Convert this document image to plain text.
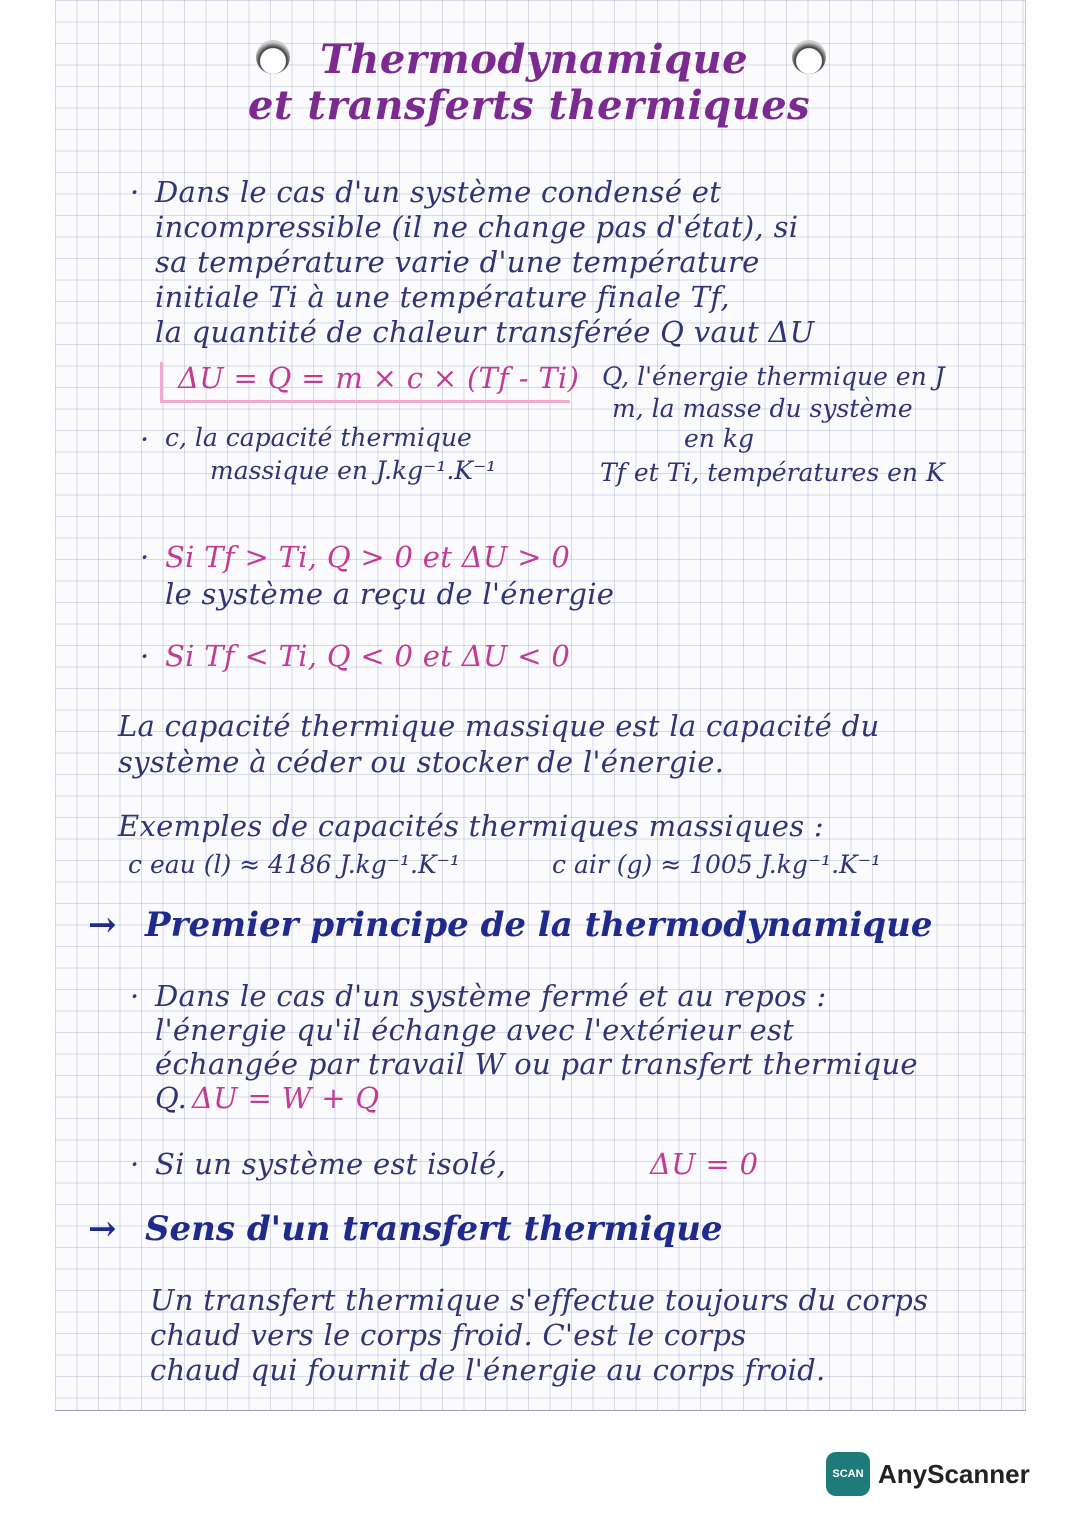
Thermodynamique
et transferts thermiques
· Dans le cas d'un système condensé et
incompressible (il ne change pas d'état), si
sa température varie d'une température
initiale Ti à une température finale Tf,
la quantité de chaleur transférée Q vaut ΔU
ΔU = Q = m × c × (Tf - Ti) Q, l'énergie thermique en J
m, la masse du système
en kg
· c, la capacité thermique
massique en J.kg⁻¹.K⁻¹	Tf et Ti, températures en K
· Si Tf > Ti, Q > 0 et ΔU > 0
le système a reçu de l'énergie
· Si Tf < Ti, Q < 0 et ΔU < 0
La capacité thermique massique est la capacité du
système à céder ou stocker de l'énergie.
Exemples de capacités thermiques massiques :
c eau (l) ≈ 4186 J.kg⁻¹.K⁻¹	c air (g) ≈ 1005 J.kg⁻¹.K⁻¹
→ Premier principe de la thermodynamique
· Dans le cas d'un système fermé et au repos :
l'énergie qu'il échange avec l'extérieur est
échangée par travail W ou par transfert thermique
Q. ΔU = W + Q
· Si un système est isolé,	ΔU = 0
→ Sens d'un transfert thermique
Un transfert thermique s'effectue toujours du corps
chaud vers le corps froid. C'est le corps
chaud qui fournit de l'énergie au corps froid.
SCAN AnyScanner
